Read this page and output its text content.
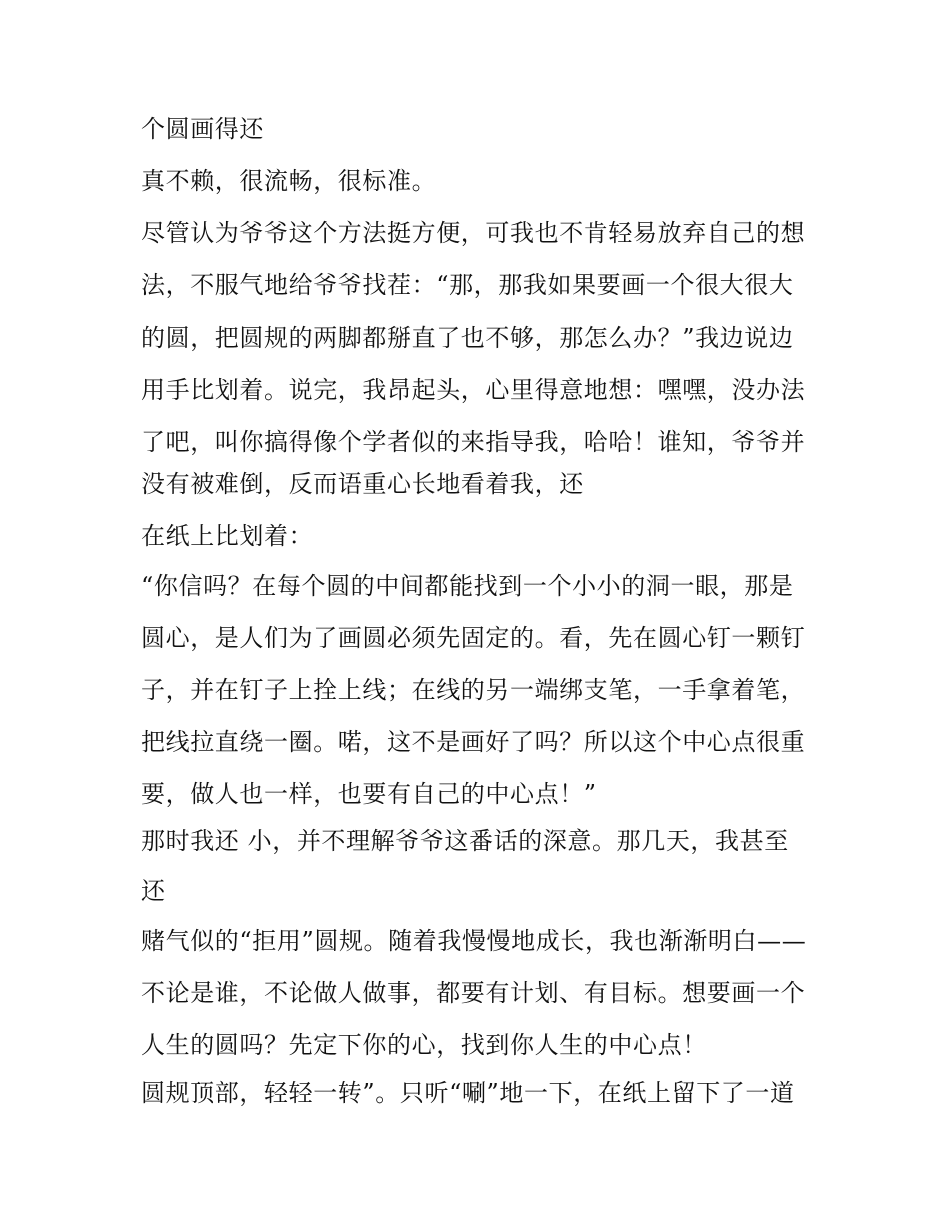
个圆画得还
真不赖，很流畅，很标准。
尽管认为爷爷这个方法挺方便，可我也不肯轻易放弃自己的想
法，不服气地给爷爷找茬：“那，那我如果要画一个很大很大
的圆，把圆规的两脚都掰直了也不够，那怎么办？”我边说边
用手比划着。说完，我昂起头，心里得意地想：嘿嘿，没办法
了吧，叫你搞得像个学者似的来指导我，哈哈！谁知，爷爷并
没有被难倒，反而语重心长地看着我，还
在纸上比划着：
“你信吗？在每个圆的中间都能找到一个小小的洞一眼，那是
圆心，是人们为了画圆必须先固定的。看，先在圆心钉一颗钉
子，并在钉子上拴上线；在线的另一端绑支笔，一手拿着笔，
把线拉直绕一圈。喏，这不是画好了吗？所以这个中心点很重
要，做人也一样，也要有自己的中心点！”
那时我还 小，并不理解爷爷这番话的深意。那几天，我甚至
还
赌气似的“拒用”圆规。随着我慢慢地成长，我也渐渐明白——
不论是谁，不论做人做事，都要有计划、有目标。想要画一个
人生的圆吗？先定下你的心，找到你人生的中心点！
圆规顶部，轻轻一转”。只听“唰”地一下，在纸上留下了一道
